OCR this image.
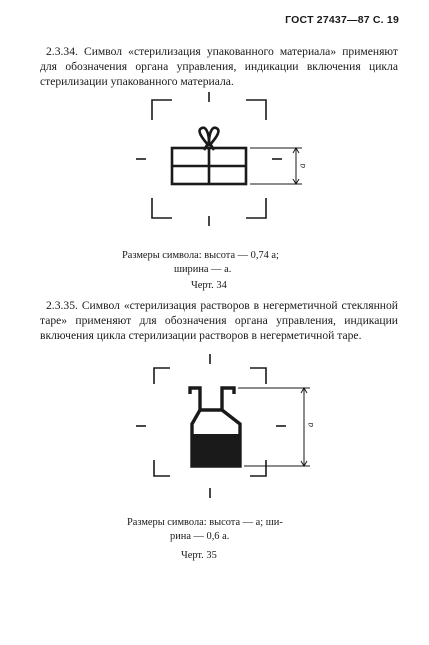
ГОСТ 27437—87 С. 19

2.3.34. Символ «стерилизация упакованного материала» применяют для обозначения органа управления, индикации включения цикла стерилизации упакованного материала.

a

Размеры символа: высота — 0,74 a;

ширина — a.

Черт. 34

2.3.35. Символ «стерилизация растворов в негерметичной стеклянной таре» применяют для обозначения органа управления, индикации включения цикла стерилизации растворов в негерметичной таре.

a

Размеры символа: высота — a; ши-

рина — 0,6 a.

Черт. 35
